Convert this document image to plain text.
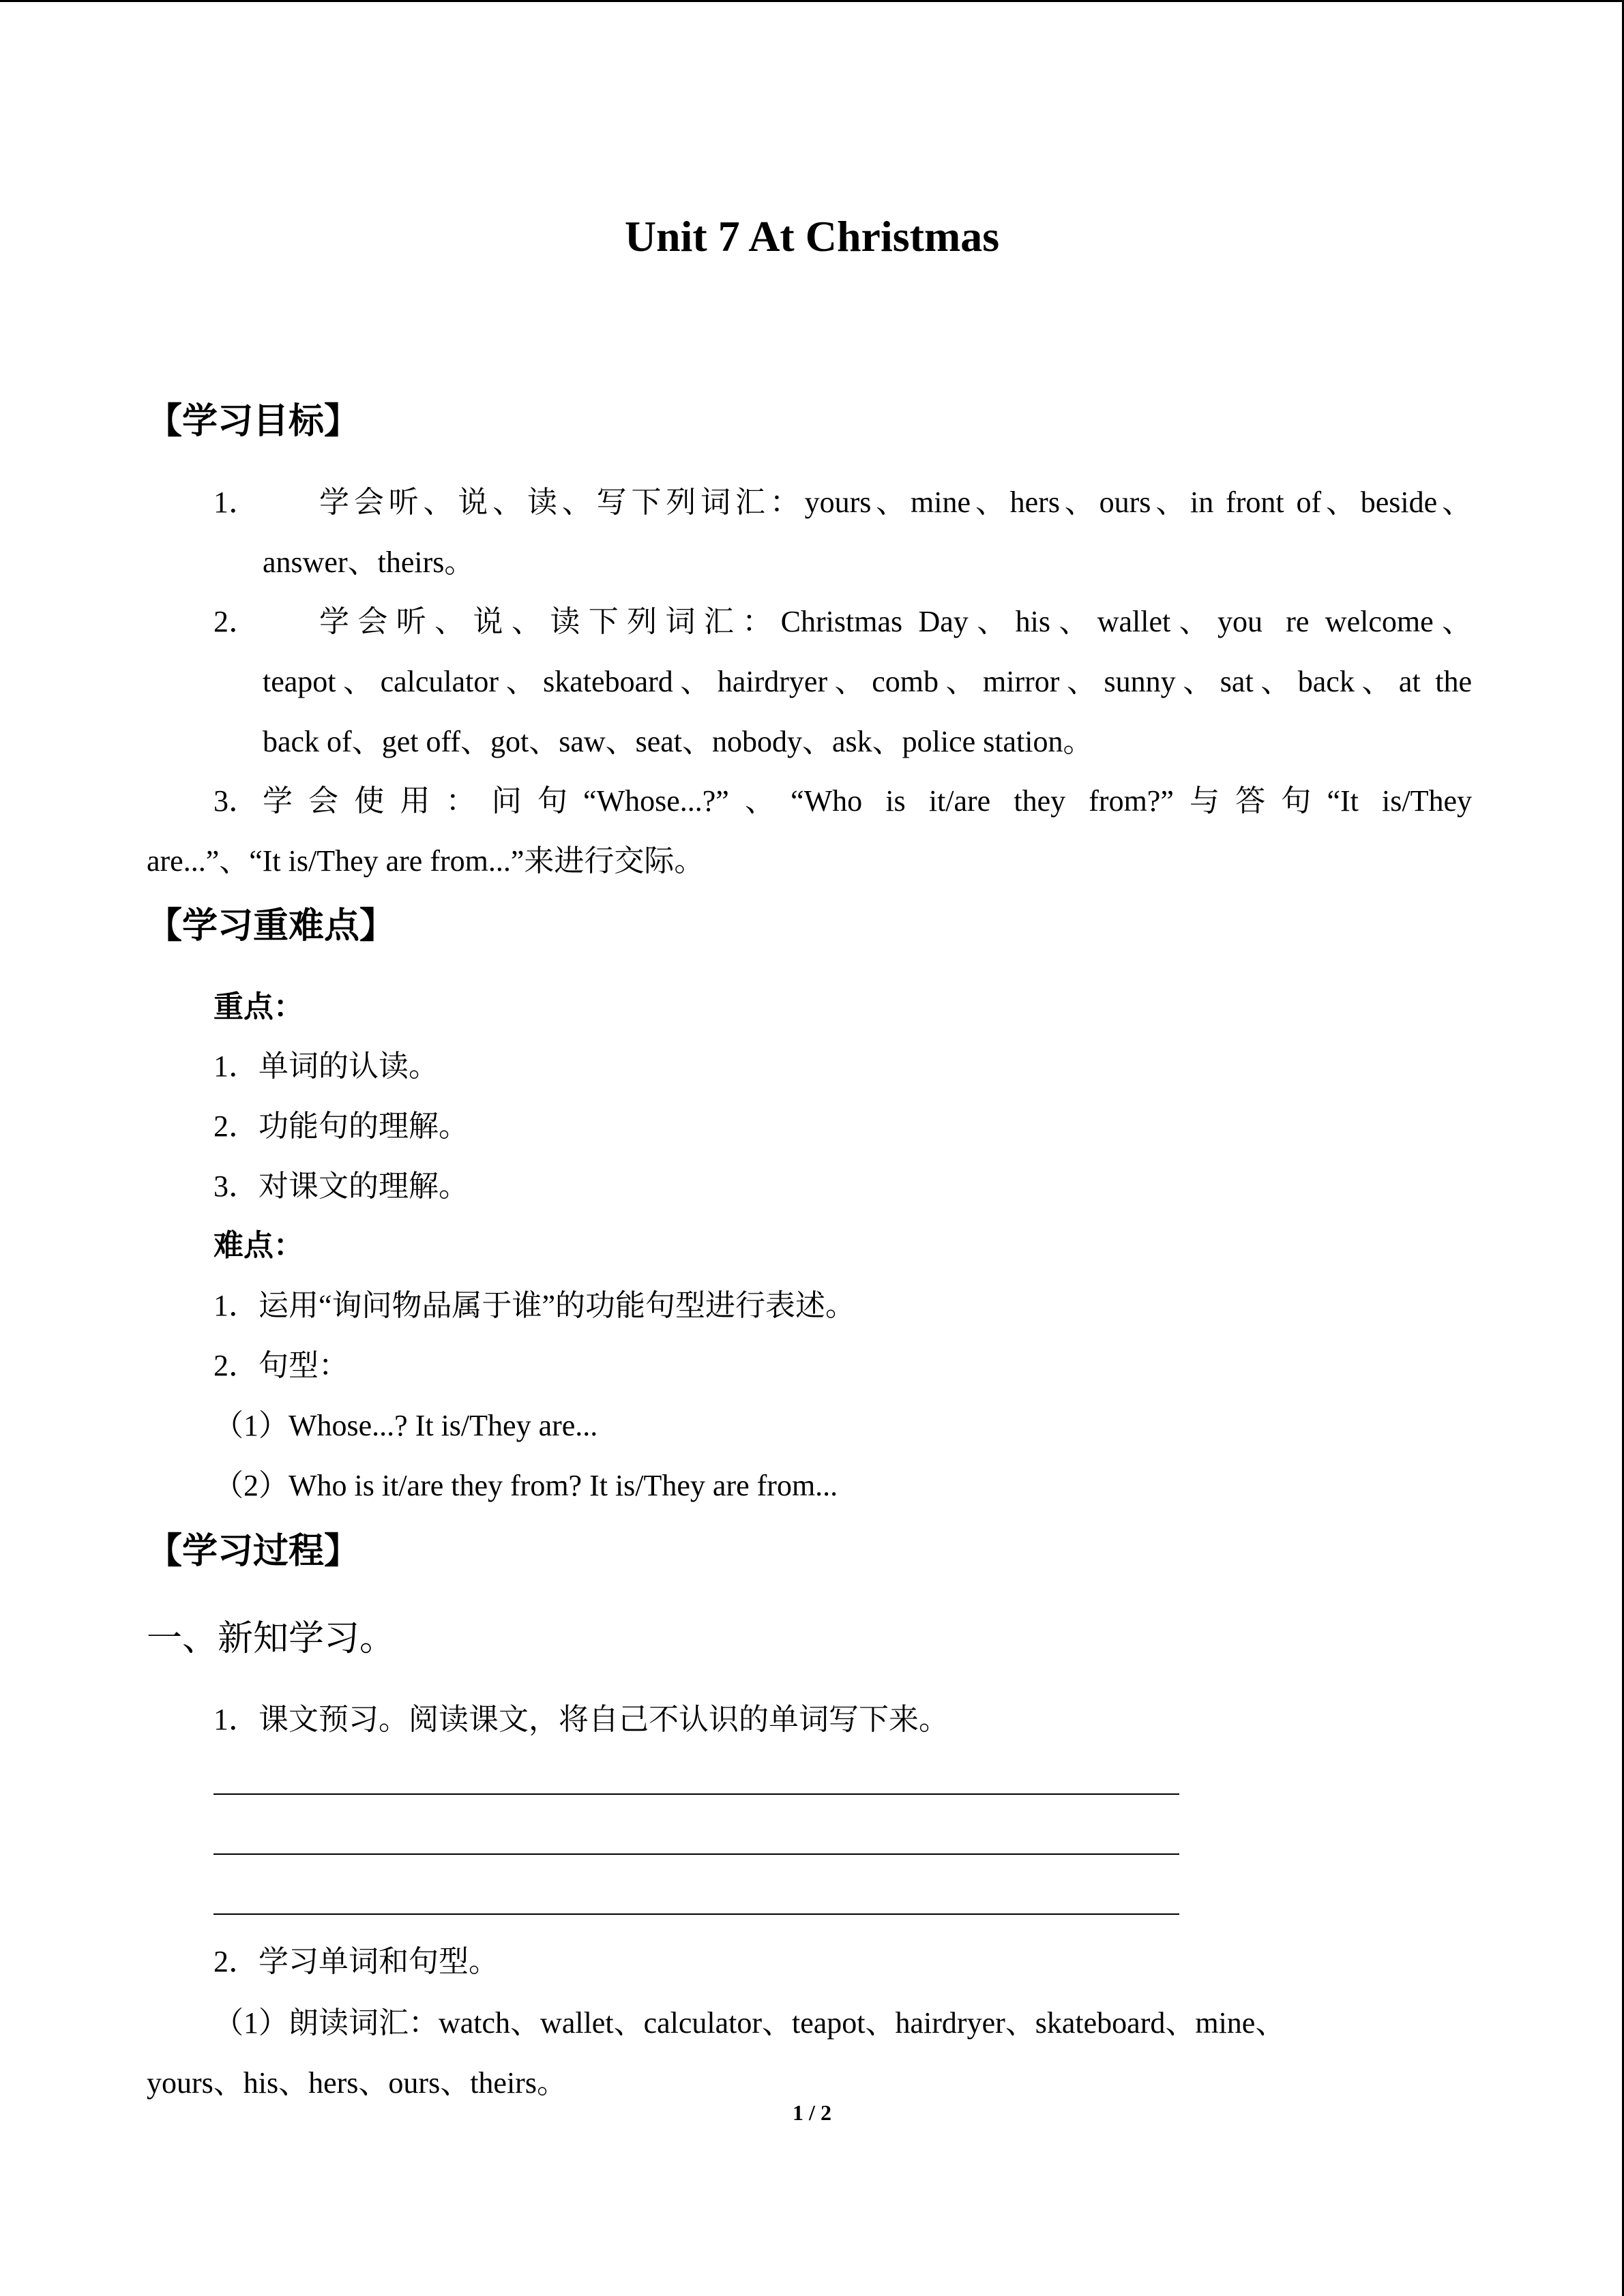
Unit 7 At Christmas
【学习目标】
1． 学会听、说、读、写下列词汇：yours、mine、hers、ours、in front of、beside、
answer、theirs。
2． 学会听、说、读下列词汇：Christmas Day、his、wallet、you re welcome、
teapot、calculator、skateboard、hairdryer、comb、mirror、sunny、sat、back、at the
back of、get off、got、saw、seat、nobody、ask、police station。
3． 学会使用：问句“Whose...?”、“Who is it/are they from?”与答句“It is/They
are...”、“It is/They are from...”来进行交际。
【学习重难点】
重点：
1．单词的认读。
2．功能句的理解。
3．对课文的理解。
难点：
1．运用“询问物品属于谁”的功能句型进行表述。
2．句型：
（1）Whose...? It is/They are...
（2）Who is it/are they from? It is/They are from...
【学习过程】
一、新知学习。
1．课文预习。阅读课文，将自己不认识的单词写下来。
2．学习单词和句型。
（1）朗读词汇：watch、wallet、calculator、teapot、hairdryer、skateboard、mine、
yours、his、hers、ours、theirs。
1 / 2
